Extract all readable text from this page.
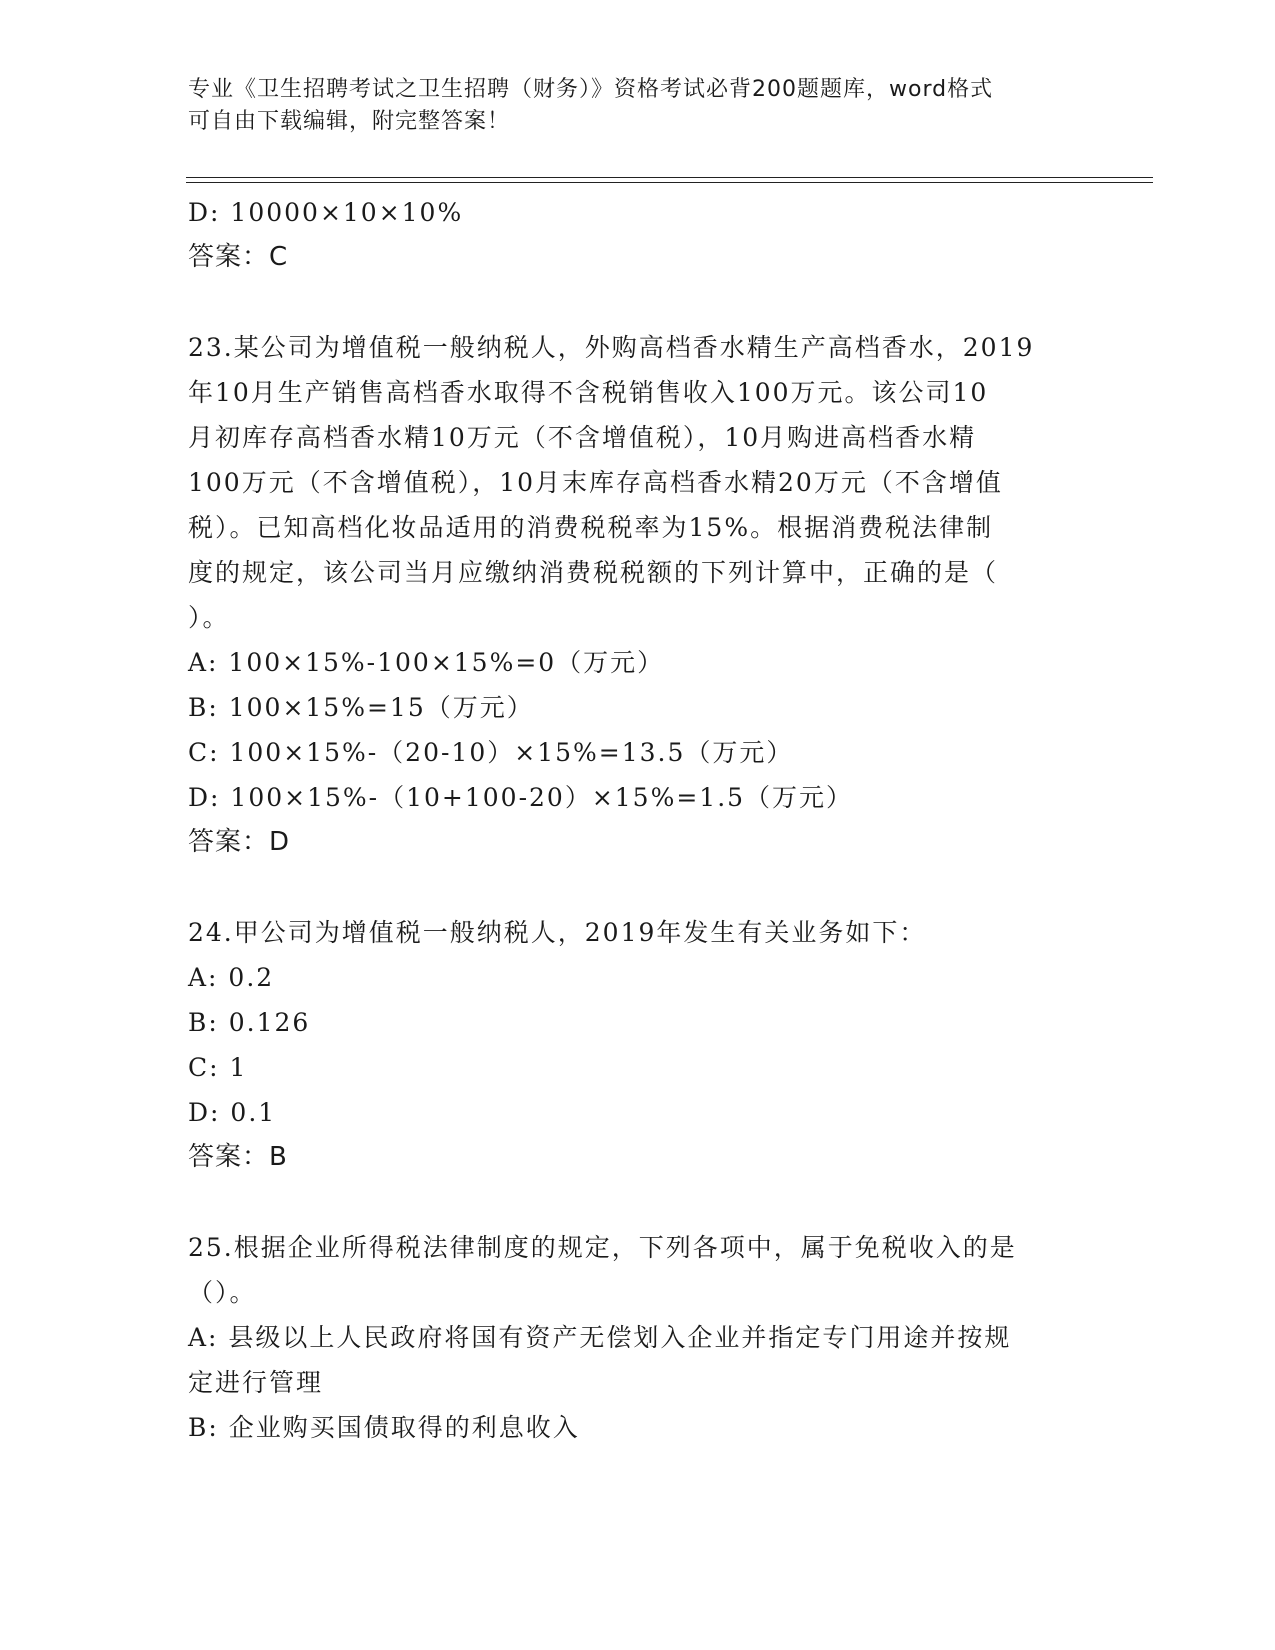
专业《卫生招聘考试之卫生招聘（财务）》资格考试必背200题题库，word格式
可自由下载编辑，附完整答案！
D: 10000×10×10%
答案：C
23.某公司为增值税一般纳税人，外购高档香水精生产高档香水，2019
年10月生产销售高档香水取得不含税销售收入100万元。该公司10
月初库存高档香水精10万元（不含增值税），10月购进高档香水精
100万元（不含增值税），10月末库存高档香水精20万元（不含增值
税）。已知高档化妆品适用的消费税税率为15%。根据消费税法律制
度的规定，该公司当月应缴纳消费税税额的下列计算中，正确的是（
）。
A: 100×15%-100×15%=0（万元）
B: 100×15%=15（万元）
C: 100×15%-（20-10）×15%=13.5（万元）
D: 100×15%-（10+100-20）×15%=1.5（万元）
答案：D
24.甲公司为增值税一般纳税人，2019年发生有关业务如下：
A: 0.2
B: 0.126
C: 1
D: 0.1
答案：B
25.根据企业所得税法律制度的规定，下列各项中，属于免税收入的是
（）。
A: 县级以上人民政府将国有资产无偿划入企业并指定专门用途并按规
定进行管理
B: 企业购买国债取得的利息收入
